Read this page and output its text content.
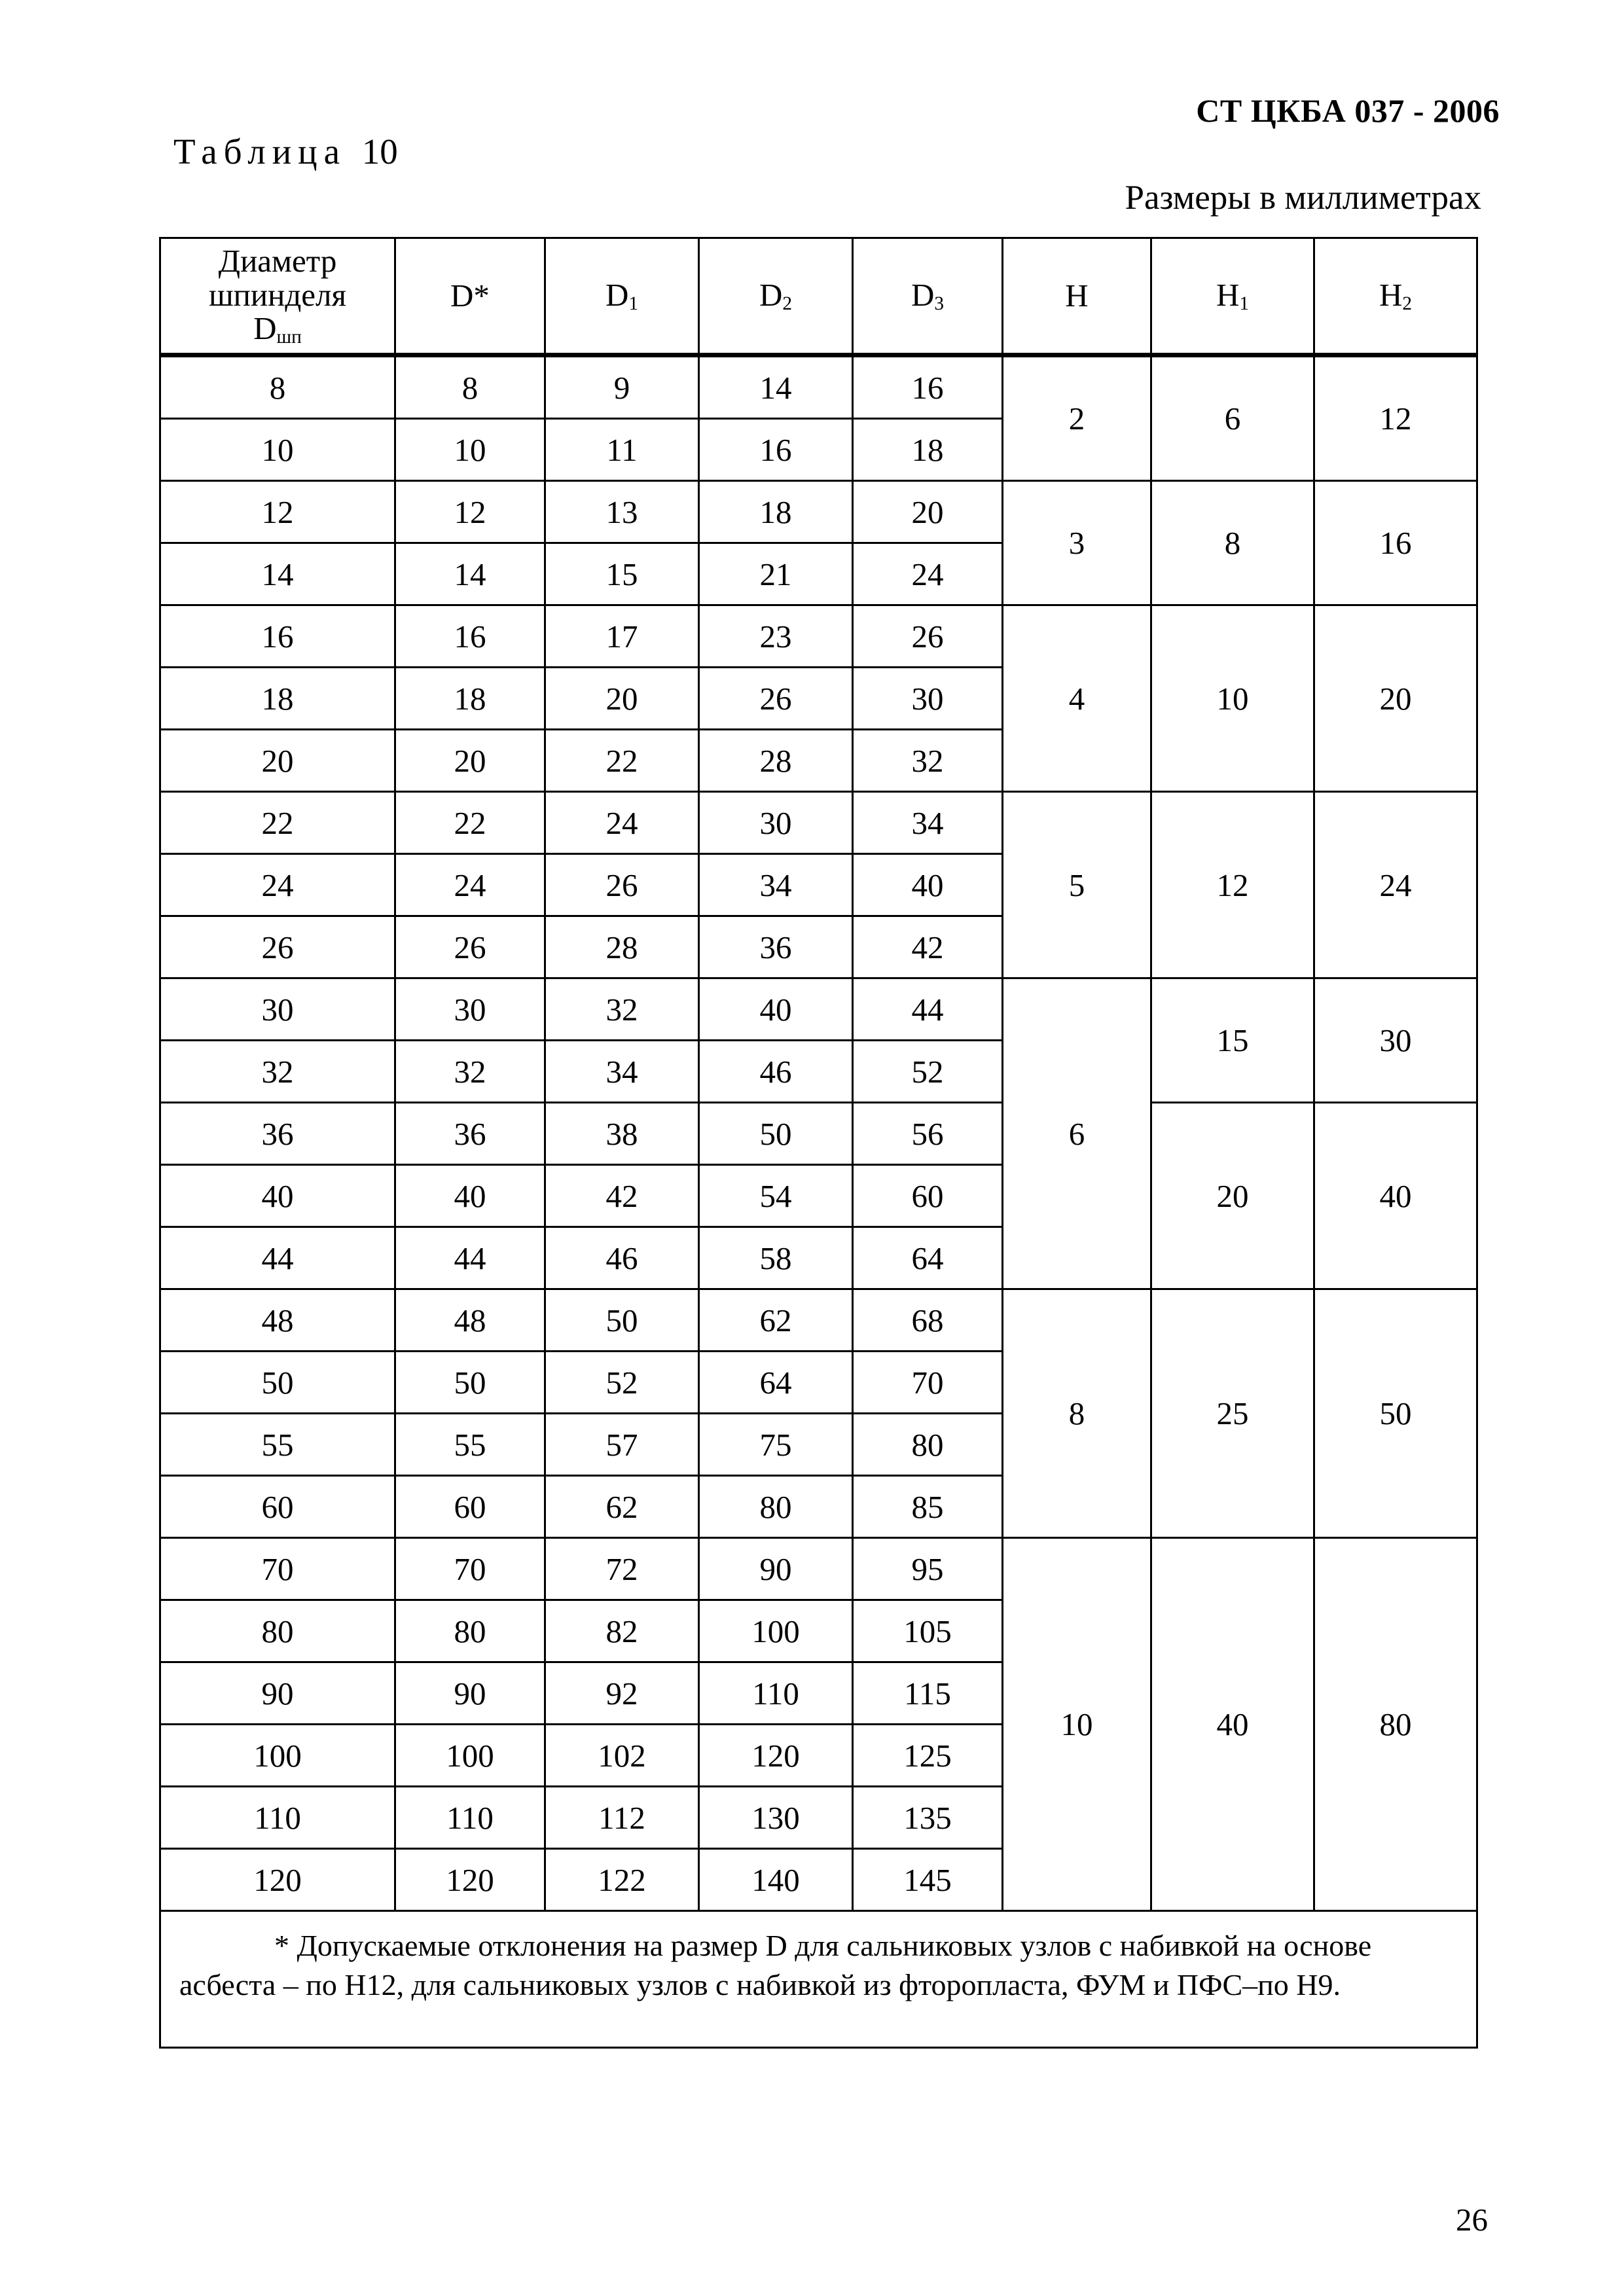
СТ ЦКБА 037 - 2006
Таблица 10
Размеры в миллиметрах
Диаметр
шпинделя
$D_{шп}$	D*	$D_1$	$D_2$	$D_3$	H	$H_1$	$H_2$
8	8	9	14	16	2	6	12
10	10	11	16	18			
12	12	13	18	20	3	8	16
14	14	15	21	24			
16	16	17	23	26	4	10	20
18	18	20	26	30			
20	20	22	28	32			
22	22	24	30	34	5	12	24
24	24	26	34	40			
26	26	28	36	42			
30	30	32	40	44	6	15	30
32	32	34	46	52			
36	36	38	50	56		20	40
40	40	42	54	60			
44	44	46	58	64			
48	48	50	62	68	8	25	50
50	50	52	64	70			
55	55	57	75	80			
60	60	62	80	85			
70	70	72	90	95	10	40	80
80	80	82	100	105			
90	90	92	110	115			
100	100	102	120	125			
110	110	112	130	135			
120	120	122	140	145			

* Допускаемые отклонения на размер D для сальниковых узлов с набивкой на основе асбеста – по Н12, для сальниковых узлов с набивкой из фторопласта, ФУМ и ПФС–по Н9.							
26
